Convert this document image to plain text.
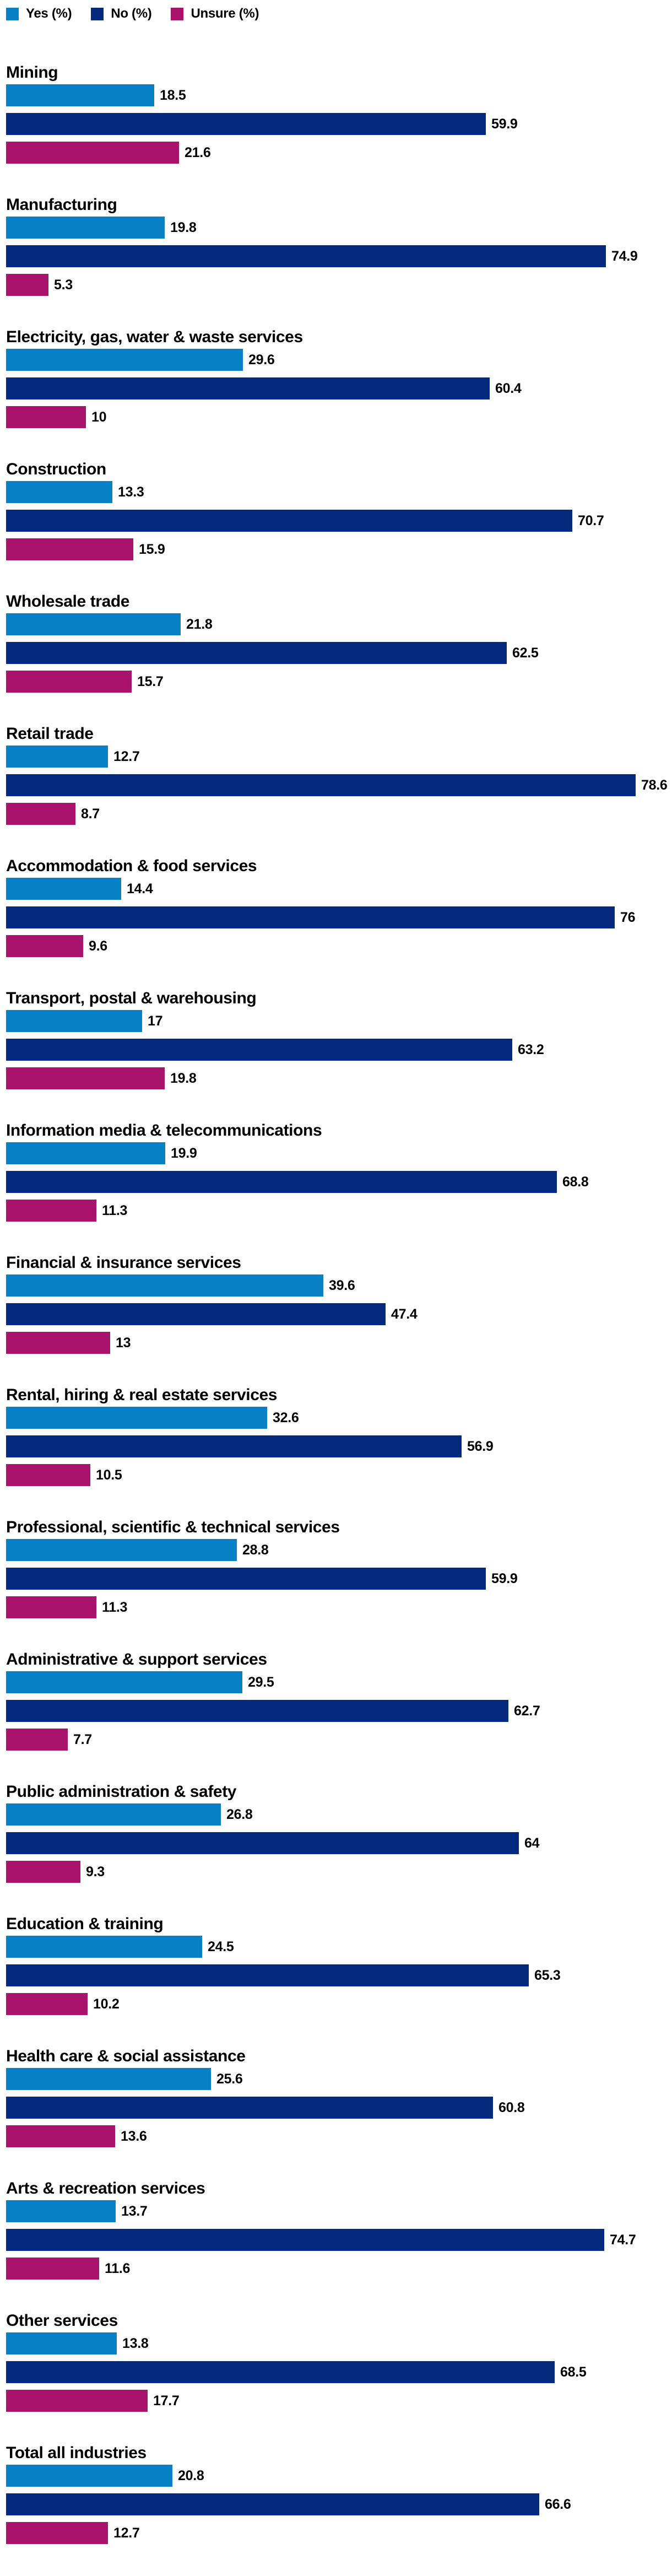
Yes (%)	No (%)	Unsure (%)
Mining
18.5
59.9
21.6
Manufacturing
19.8
74.9
5.3
Electricity, gas, water & waste services
29.6
60.4
10
Construction
13.3
70.7
15.9
Wholesale trade
21.8
62.5
15.7
Retail trade
12.7
78.6
8.7
Accommodation & food services
14.4
76
9.6
Transport, postal & warehousing
17
63.2
19.8
Information media & telecommunications
19.9
68.8
11.3
Financial & insurance services
39.6
47.4
13
Rental, hiring & real estate services
32.6
56.9
10.5
Professional, scientific & technical services
28.8
59.9
11.3
Administrative & support services
29.5
62.7
7.7
Public administration & safety
26.8
64
9.3
Education & training
24.5
65.3
10.2
Health care & social assistance
25.6
60.8
13.6
Arts & recreation services
13.7
74.7
11.6
Other services
13.8
68.5
17.7
Total all industries
20.8
66.6
12.7
